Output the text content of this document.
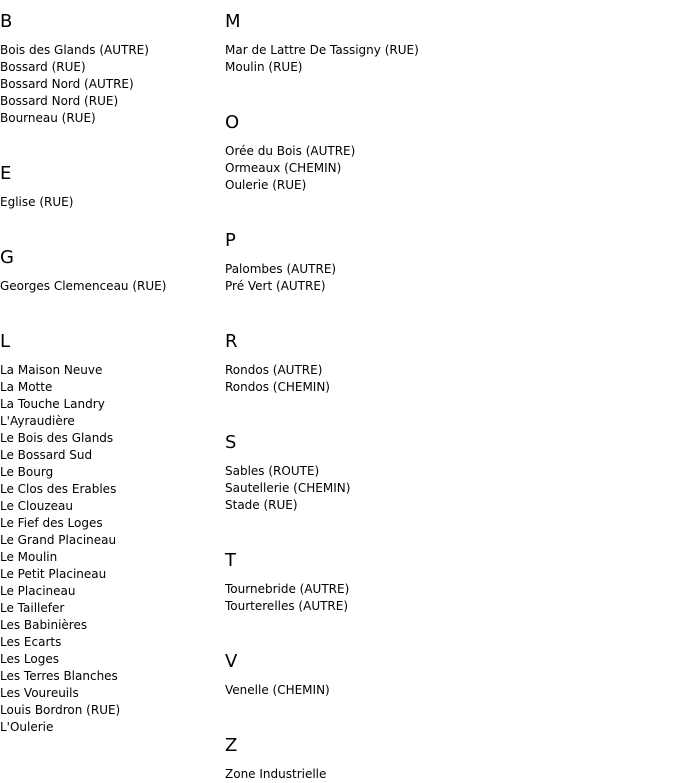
B
Bois des Glands (AUTRE)
Bossard (RUE)
Bossard Nord (AUTRE)
Bossard Nord (RUE)
Bourneau (RUE)
E
Eglise (RUE)
G
Georges Clemenceau (RUE)
L
La Maison Neuve
La Motte
La Touche Landry
L'Ayraudière
Le Bois des Glands
Le Bossard Sud
Le Bourg
Le Clos des Erables
Le Clouzeau
Le Fief des Loges
Le Grand Placineau
Le Moulin
Le Petit Placineau
Le Placineau
Le Taillefer
Les Babinières
Les Ecarts
Les Loges
Les Terres Blanches
Les Voureuils
Louis Bordron (RUE)
L'Oulerie
M
Mar de Lattre De Tassigny (RUE)
Moulin (RUE)
O
Orée du Bois (AUTRE)
Ormeaux (CHEMIN)
Oulerie (RUE)
P
Palombes (AUTRE)
Pré Vert (AUTRE)
R
Rondos (AUTRE)
Rondos (CHEMIN)
S
Sables (ROUTE)
Sautellerie (CHEMIN)
Stade (RUE)
T
Tournebride (AUTRE)
Tourterelles (AUTRE)
V
Venelle (CHEMIN)
Z
Zone Industrielle
